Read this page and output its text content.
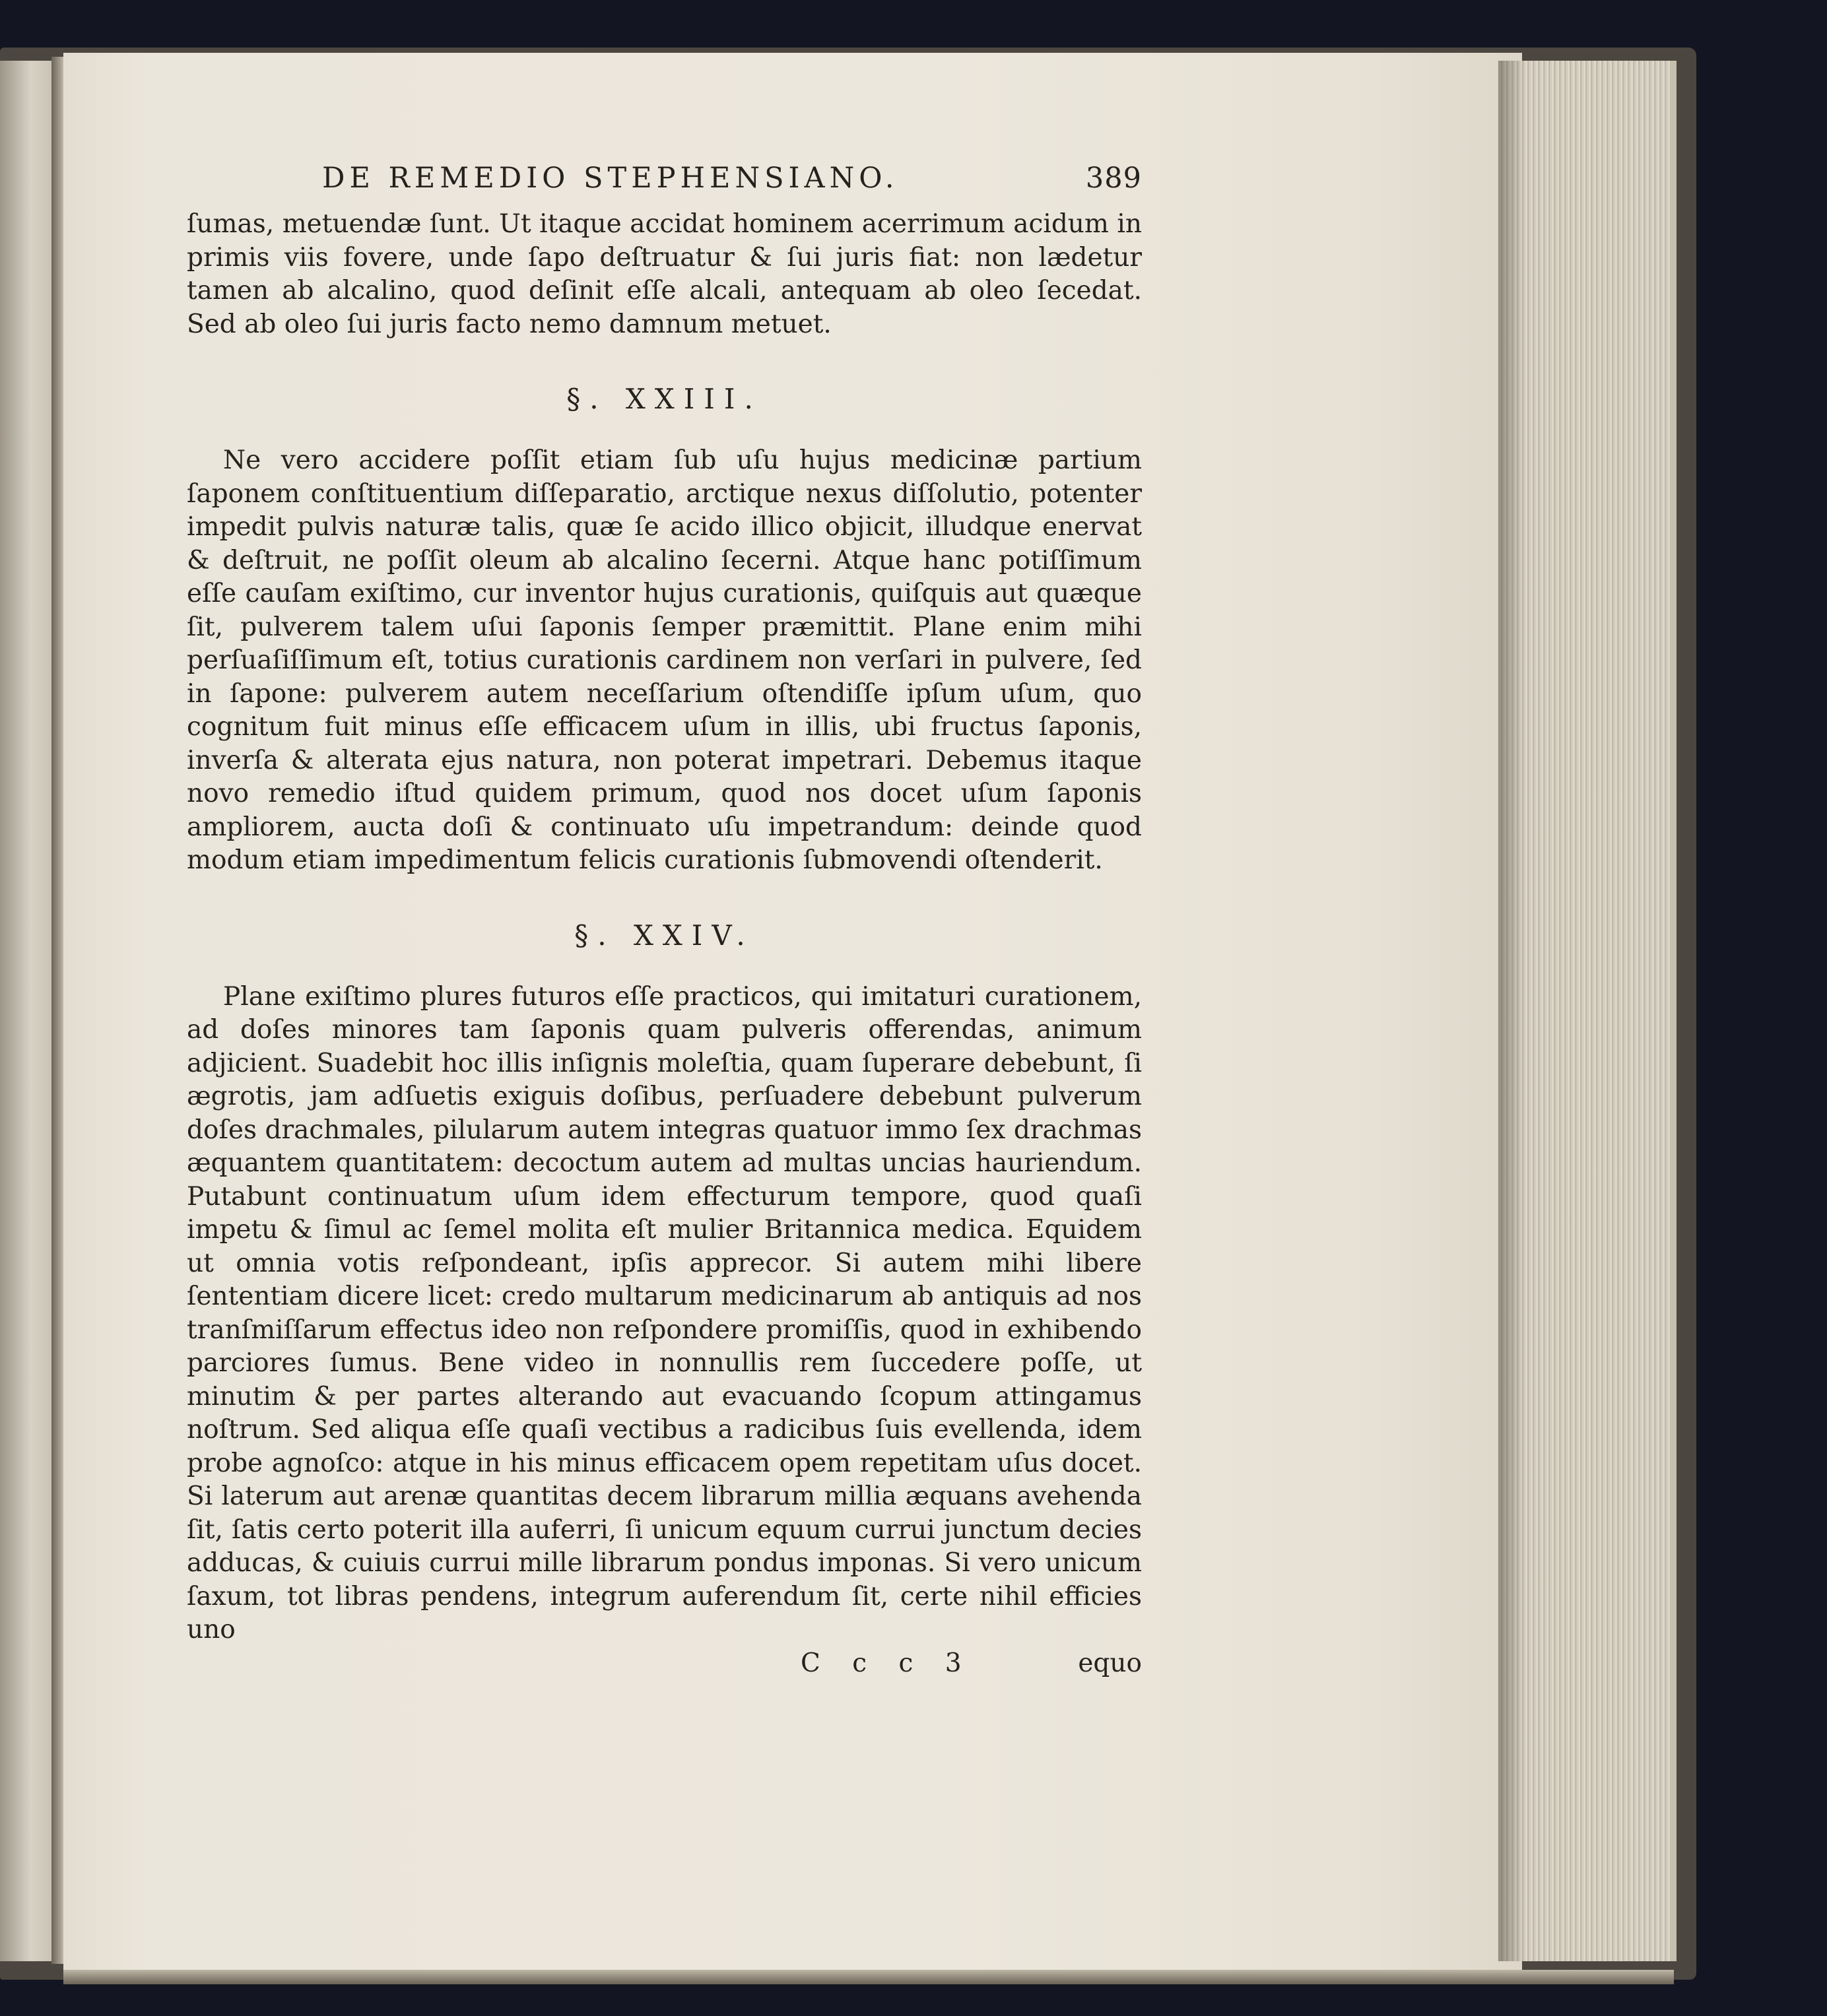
DE REMEDIO STEPHENSIANO.	389

ſumas, metuendæ ſunt. Ut itaque accidat hominem acerrimum acidum in primis viis fovere, unde ſapo deſtruatur & ſui juris fiat: non lædetur tamen ab alcalino, quod deſinit eſſe alcali, antequam ab oleo ſecedat. Sed ab oleo ſui juris facto nemo damnum metuet.

§. XXIII.

Ne vero accidere poſſit etiam ſub uſu hujus medicinæ partium ſaponem conſtituentium diſſeparatio, arctique nexus diſſolutio, potenter impedit pulvis naturæ talis, quæ ſe acido illico objicit, illudque enervat & deſtruit, ne poſſit oleum ab alcalino ſecerni. Atque hanc potiſſimum eſſe cauſam exiſtimo, cur inventor hujus curationis, quiſquis aut quæque ſit, pulverem talem uſui ſaponis ſemper præmittit. Plane enim mihi perſuaſiſſimum eſt, totius curationis cardinem non verſari in pulvere, ſed in ſapone: pulverem autem neceſſarium oſtendiſſe ipſum uſum, quo cognitum fuit minus eſſe efficacem uſum in illis, ubi fructus ſaponis, inverſa & alterata ejus natura, non poterat impetrari. Debemus itaque novo remedio iſtud quidem primum, quod nos docet uſum ſaponis ampliorem, aucta doſi & continuato uſu impetrandum: deinde quod modum etiam impedimentum felicis curationis ſubmovendi oſtenderit.

§. XXIV.

Plane exiſtimo plures futuros eſſe practicos, qui imitaturi curationem, ad doſes minores tam ſaponis quam pulveris offerendas, animum adjicient. Suadebit hoc illis inſignis moleſtia, quam ſuperare debebunt, ſi ægrotis, jam adſuetis exiguis doſibus, perſuadere debebunt pulverum doſes drachmales, pilularum autem integras quatuor immo ſex drachmas æquantem quantitatem: decoctum autem ad multas uncias hauriendum. Putabunt continuatum uſum idem effecturum tempore, quod quaſi impetu & ſimul ac ſemel molita eſt mulier Britannica medica. Equidem ut omnia votis reſpondeant, ipſis apprecor. Si autem mihi libere ſententiam dicere licet: credo multarum medicinarum ab antiquis ad nos tranſmiſſarum effectus ideo non reſpondere promiſſis, quod in exhibendo parciores ſumus. Bene video in nonnullis rem ſuccedere poſſe, ut minutim & per partes alterando aut evacuando ſcopum attingamus noſtrum. Sed aliqua eſſe quaſi vectibus a radicibus ſuis evellenda, idem probe agnoſco: atque in his minus efficacem opem repetitam uſus docet. Si laterum aut arenæ quantitas decem librarum millia æquans avehenda ſit, ſatis certo poterit illa auferri, ſi unicum equum currui junctum decies adducas, & cuiuis currui mille librarum pondus imponas. Si vero unicum ſaxum, tot libras pendens, integrum auferendum ſit, certe nihil efficies uno

C c c 3	equo
